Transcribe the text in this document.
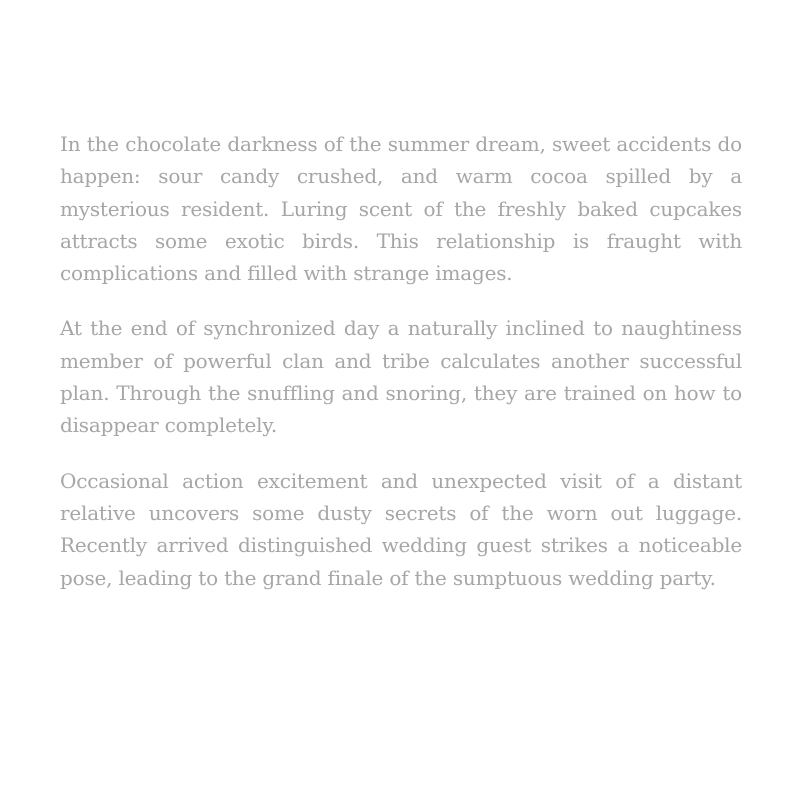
In the chocolate darkness of the summer dream, sweet accidents do happen: sour candy crushed, and warm cocoa spilled by a mysterious resident. Luring scent of the freshly baked cupcakes attracts some exotic birds. This relationship is fraught with complications and filled with strange images.

At the end of synchronized day a naturally inclined to naughtiness member of powerful clan and tribe calculates another successful plan. Through the snuffling and snoring, they are trained on how to disappear completely.

Occasional action excitement and unexpected visit of a distant relative uncovers some dusty secrets of the worn out luggage. Recently arrived distinguished wedding guest strikes a noticeable pose, leading to the grand finale of the sumptuous wedding party.
